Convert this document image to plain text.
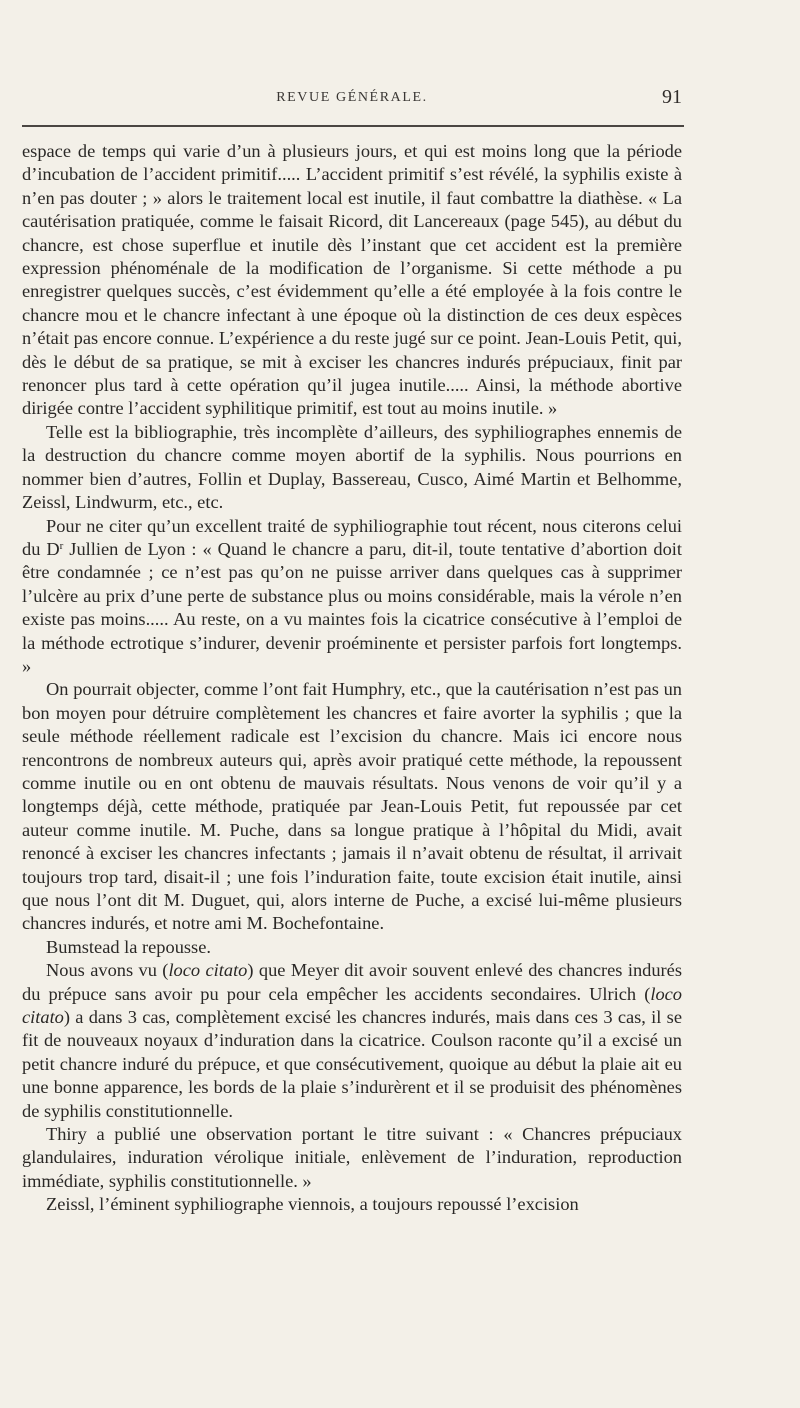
REVUE GÉNÉRALE.	91

espace de temps qui varie d’un à plusieurs jours, et qui est moins long que la période d’incubation de l’accident primitif..... L’accident primitif s’est révélé, la syphilis existe à n’en pas douter ; » alors le traitement local est inutile, il faut combattre la diathèse. « La cautérisation pratiquée, comme le faisait Ricord, dit Lancereaux (page 545), au début du chancre, est chose superflue et inutile dès l’instant que cet accident est la première expression phénoménale de la modification de l’organisme. Si cette méthode a pu enregistrer quelques succès, c’est évidemment qu’elle a été employée à la fois contre le chancre mou et le chancre infectant à une époque où la distinction de ces deux espèces n’était pas encore connue. L’expérience a du reste jugé sur ce point. Jean-Louis Petit, qui, dès le début de sa pratique, se mit à exciser les chancres indurés prépuciaux, finit par renoncer plus tard à cette opération qu’il jugea inutile..... Ainsi, la méthode abortive dirigée contre l’accident syphilitique primitif, est tout au moins inutile. »

Telle est la bibliographie, très incomplète d’ailleurs, des syphiliographes ennemis de la destruction du chancre comme moyen abortif de la syphilis. Nous pourrions en nommer bien d’autres, Follin et Duplay, Bassereau, Cusco, Aimé Martin et Belhomme, Zeissl, Lindwurm, etc., etc.

Pour ne citer qu’un excellent traité de syphiliographie tout récent, nous citerons celui du $D^r$ Jullien de Lyon : « Quand le chancre a paru, dit-il, toute tentative d’abortion doit être condamnée ; ce n’est pas qu’on ne puisse arriver dans quelques cas à supprimer l’ulcère au prix d’une perte de substance plus ou moins considérable, mais la vérole n’en existe pas moins..... Au reste, on a vu maintes fois la cicatrice consécutive à l’emploi de la méthode ectrotique s’indurer, devenir proéminente et persister parfois fort longtemps. »

On pourrait objecter, comme l’ont fait Humphry, etc., que la cautérisation n’est pas un bon moyen pour détruire complètement les chancres et faire avorter la syphilis ; que la seule méthode réellement radicale est l’excision du chancre. Mais ici encore nous rencontrons de nombreux auteurs qui, après avoir pratiqué cette méthode, la repoussent comme inutile ou en ont obtenu de mauvais résultats. Nous venons de voir qu’il y a longtemps déjà, cette méthode, pratiquée par Jean-Louis Petit, fut repoussée par cet auteur comme inutile. M. Puche, dans sa longue pratique à l’hôpital du Midi, avait renoncé à exciser les chancres infectants ; jamais il n’avait obtenu de résultat, il arrivait toujours trop tard, disait-il ; une fois l’induration faite, toute excision était inutile, ainsi que nous l’ont dit M. Duguet, qui, alors interne de Puche, a excisé lui-même plusieurs chancres indurés, et notre ami M. Bochefontaine.

Bumstead la repousse.

Nous avons vu (loco citato) que Meyer dit avoir souvent enlevé des chancres indurés du prépuce sans avoir pu pour cela empêcher les accidents secondaires. Ulrich (loco citato) a dans 3 cas, complètement excisé les chancres indurés, mais dans ces 3 cas, il se fit de nouveaux noyaux d’induration dans la cicatrice. Coulson raconte qu’il a excisé un petit chancre induré du prépuce, et que consécutivement, quoique au début la plaie ait eu une bonne apparence, les bords de la plaie s’indurèrent et il se produisit des phénomènes de syphilis constitutionnelle.

Thiry a publié une observation portant le titre suivant : « Chancres prépuciaux glandulaires, induration vérolique initiale, enlèvement de l’induration, reproduction immédiate, syphilis constitutionnelle. »

Zeissl, l’éminent syphiliographe viennois, a toujours repoussé l’excision
